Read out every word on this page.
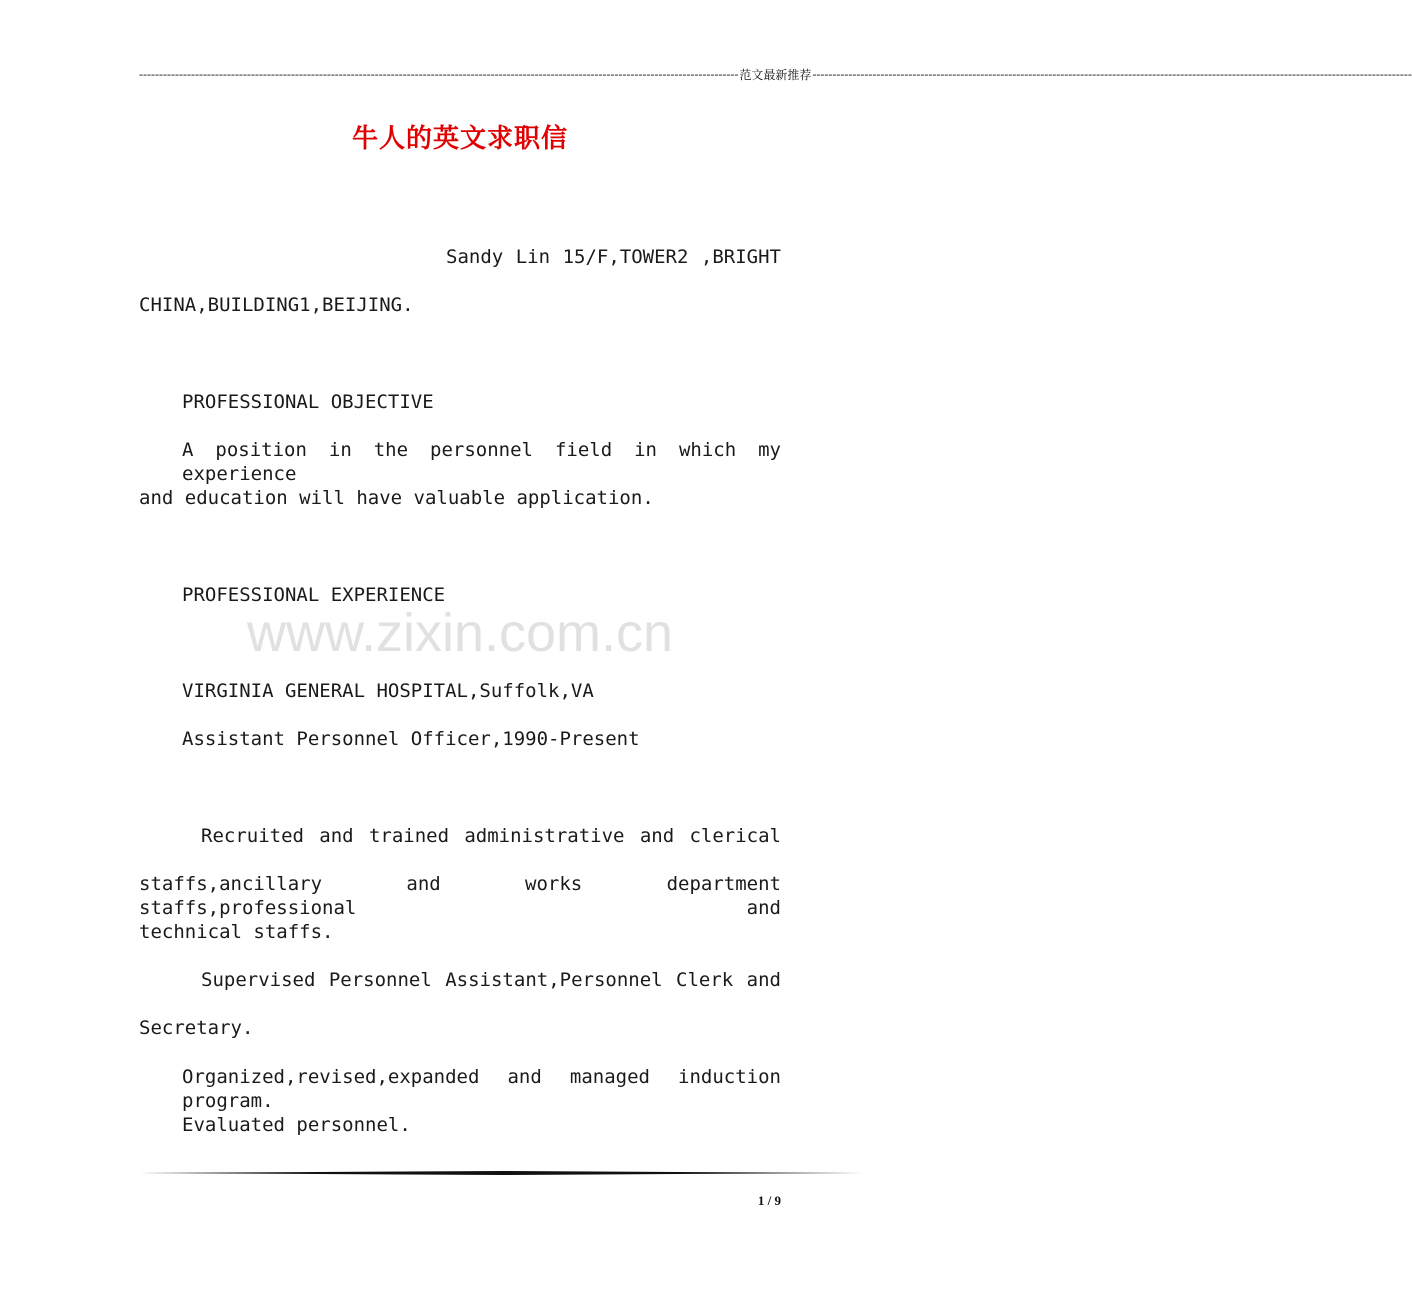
------------------------------------------------------------------------------------------------------------------------------------------------------ 范文最新推荐 ------------------------------------------------------------------------------------------------------------------------------------------------------
牛人的英文求职信
Sandy Lin 15/F,TOWER2 ,BRIGHT
CHINA,BUILDING1,BEIJING.
PROFESSIONAL OBJECTIVE
A position in the personnel field in which my experience
and education will have valuable application.
PROFESSIONAL EXPERIENCE
www.zixin.com.cn
VIRGINIA GENERAL HOSPITAL,Suffolk,VA
Assistant Personnel Officer,1990-Present
Recruited and trained administrative and clerical
staffs,ancillary and works department staffs,professional and
technical staffs.
Supervised Personnel Assistant,Personnel Clerk and
Secretary.
Organized,revised,expanded and managed induction program.
Evaluated personnel.
1 / 9
